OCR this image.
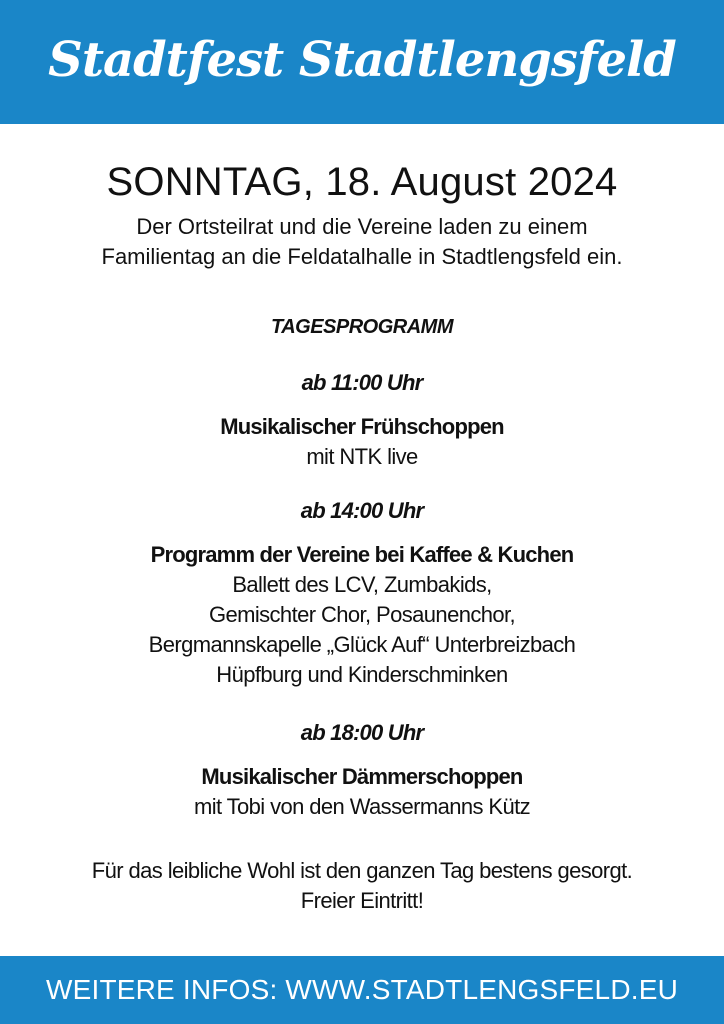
Stadtfest Stadtlengsfeld
SONNTAG, 18. August 2024
Der Ortsteilrat und die Vereine laden zu einem
Familientag an die Feldatalhalle in Stadtlengsfeld ein.
TAGESPROGRAMM
ab 11:00 Uhr
Musikalischer Frühschoppen
mit NTK live
ab 14:00 Uhr
Programm der Vereine bei Kaffee & Kuchen
Ballett des LCV, Zumbakids,
Gemischter Chor, Posaunenchor,
Bergmannskapelle „Glück Auf“ Unterbreizbach
Hüpfburg und Kinderschminken
ab 18:00 Uhr
Musikalischer Dämmerschoppen
mit Tobi von den Wassermanns Kütz
Für das leibliche Wohl ist den ganzen Tag bestens gesorgt.
Freier Eintritt!
WEITERE INFOS: WWW.STADTLENGSFELD.EU
